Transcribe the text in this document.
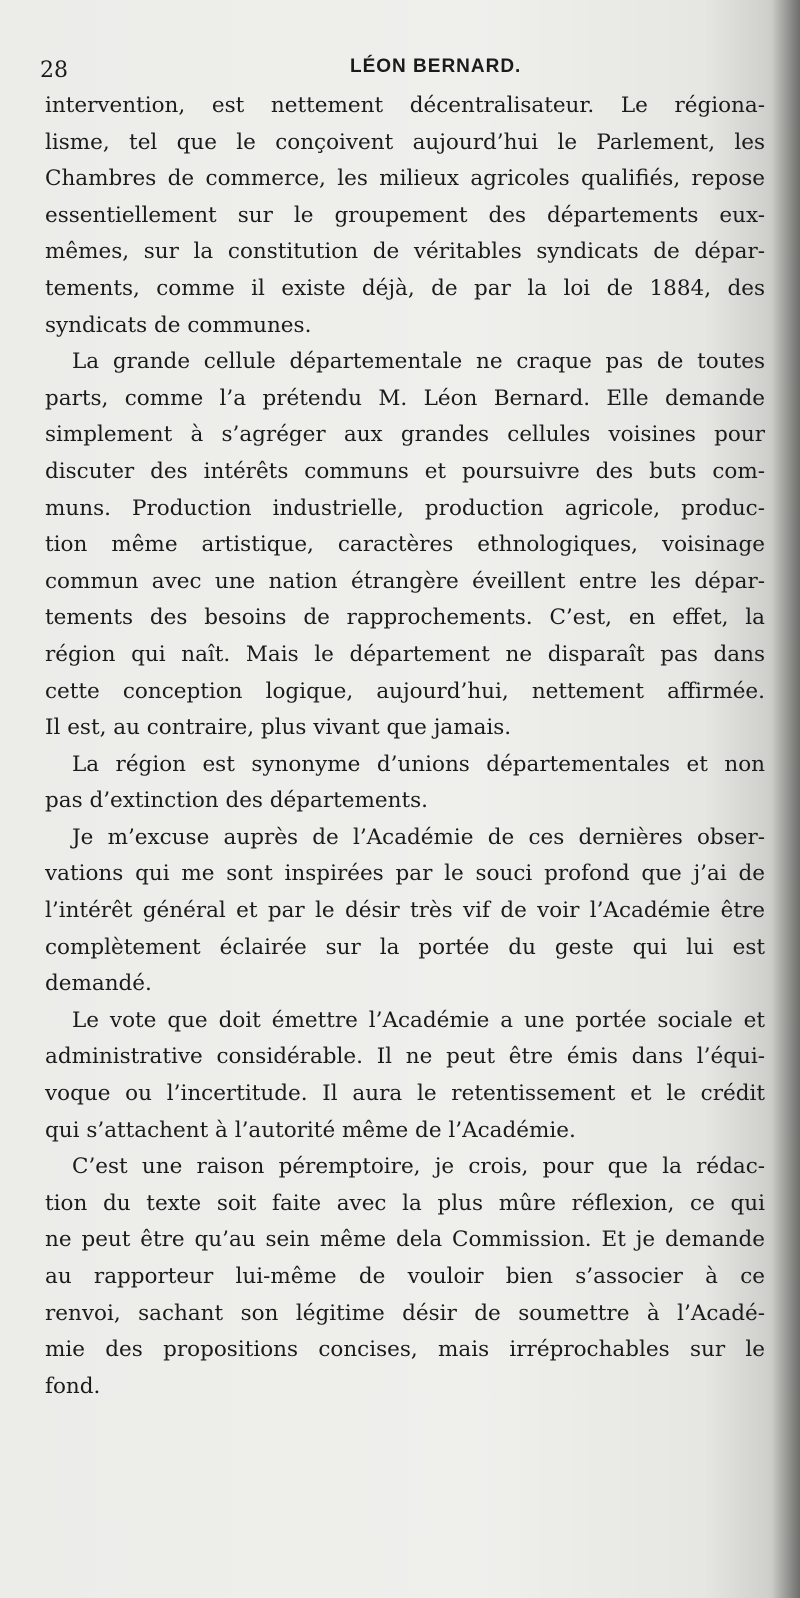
28	LÉON BERNARD.
intervention, est nettement décentralisateur. Le régiona-
lisme, tel que le conçoivent aujourd’hui le Parlement, les
Chambres de commerce, les milieux agricoles qualifiés, repose
essentiellement sur le groupement des départements eux-
mêmes, sur la constitution de véritables syndicats de dépar-
tements, comme il existe déjà, de par la loi de 1884, des
syndicats de communes.
La grande cellule départementale ne craque pas de toutes
parts, comme l’a prétendu M. Léon Bernard. Elle demande
simplement à s’agréger aux grandes cellules voisines pour
discuter des intérêts communs et poursuivre des buts com-
muns. Production industrielle, production agricole, produc-
tion même artistique, caractères ethnologiques, voisinage
commun avec une nation étrangère éveillent entre les dépar-
tements des besoins de rapprochements. C’est, en effet, la
région qui naît. Mais le département ne disparaît pas dans
cette conception logique, aujourd’hui, nettement affirmée.
Il est, au contraire, plus vivant que jamais.
La région est synonyme d’unions départementales et non
pas d’extinction des départements.
Je m’excuse auprès de l’Académie de ces dernières obser-
vations qui me sont inspirées par le souci profond que j’ai de
l’intérêt général et par le désir très vif de voir l’Académie être
complètement éclairée sur la portée du geste qui lui est
demandé.
Le vote que doit émettre l’Académie a une portée sociale et
administrative considérable. Il ne peut être émis dans l’équi-
voque ou l’incertitude. Il aura le retentissement et le crédit
qui s’attachent à l’autorité même de l’Académie.
C’est une raison péremptoire, je crois, pour que la rédac-
tion du texte soit faite avec la plus mûre réflexion, ce qui
ne peut être qu’au sein même dela Commission. Et je demande
au rapporteur lui-même de vouloir bien s’associer à ce
renvoi, sachant son légitime désir de soumettre à l’Acadé-
mie des propositions concises, mais irréprochables sur le
fond.
